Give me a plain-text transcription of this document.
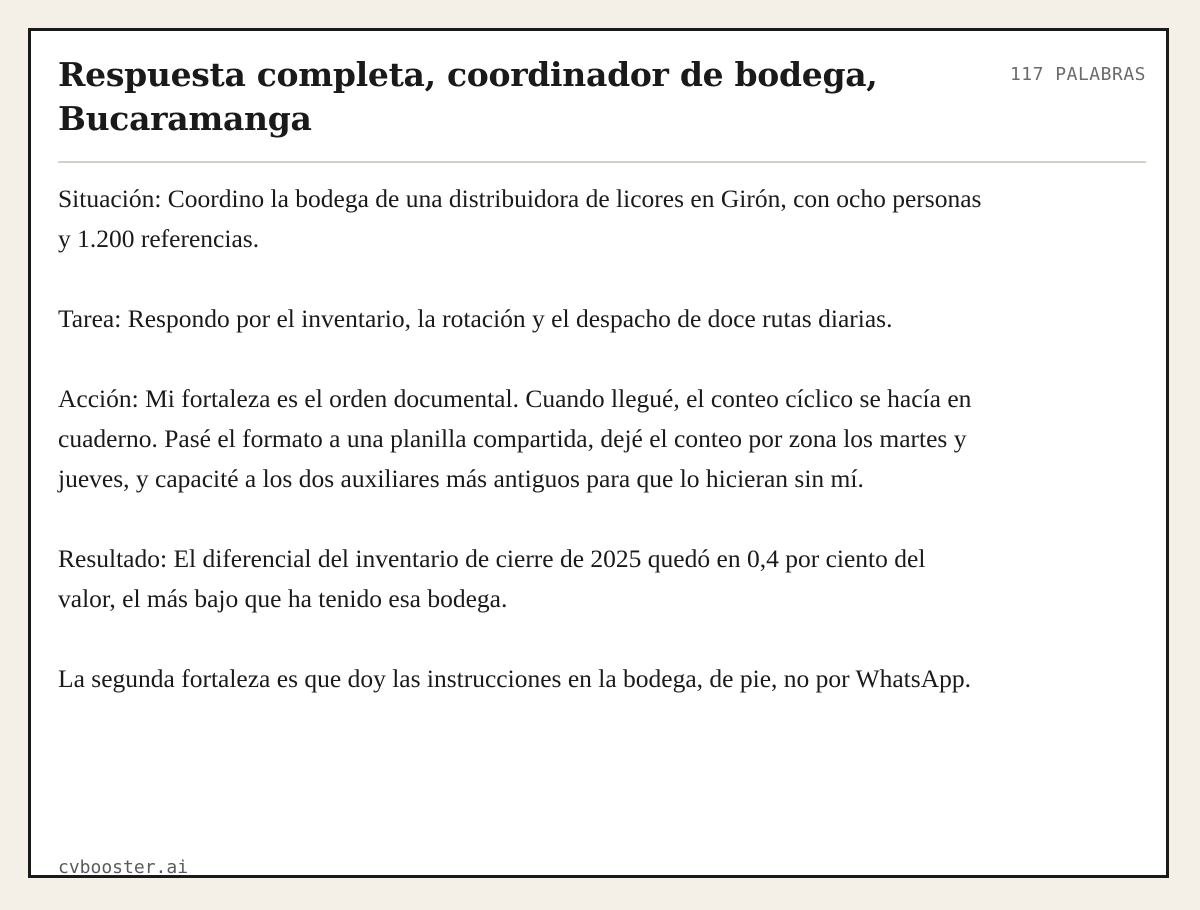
Respuesta completa, coordinador de bodega, Bucaramanga
117 PALABRAS

Situación: Coordino la bodega de una distribuidora de licores en Girón, con ocho personas y 1.200 referencias.

Tarea: Respondo por el inventario, la rotación y el despacho de doce rutas diarias.

Acción: Mi fortaleza es el orden documental. Cuando llegué, el conteo cíclico se hacía en cuaderno. Pasé el formato a una planilla compartida, dejé el conteo por zona los martes y jueves, y capacité a los dos auxiliares más antiguos para que lo hicieran sin mí.

Resultado: El diferencial del inventario de cierre de 2025 quedó en 0,4 por ciento del valor, el más bajo que ha tenido esa bodega.

La segunda fortaleza es que doy las instrucciones en la bodega, de pie, no por WhatsApp.

cvbooster.ai
